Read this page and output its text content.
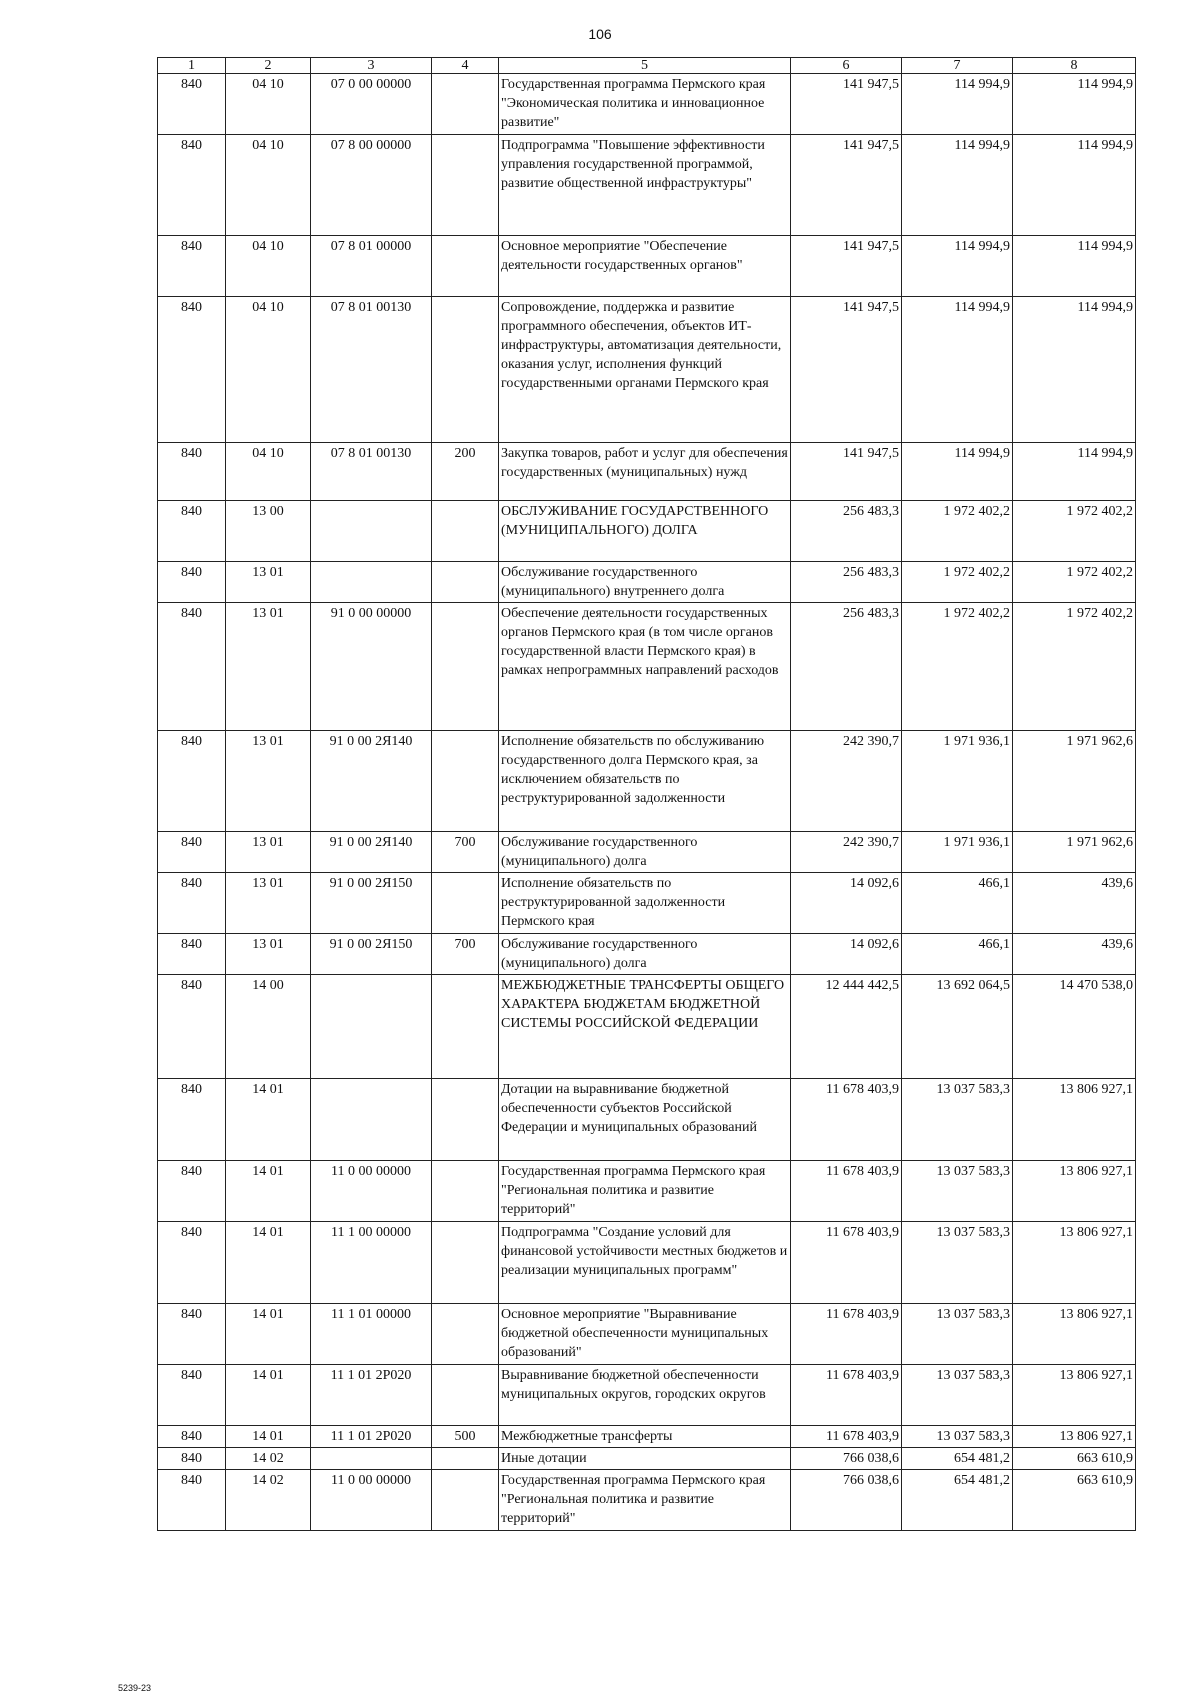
106
1	2	3	4	5	6	7	8
840	04 10	07 0 00 00000		Государственная программа Пермского края "Экономическая политика и инновационное развитие"	141 947,5	114 994,9	114 994,9
840	04 10	07 8 00 00000		Подпрограмма "Повышение эффективности управления государственной программой, развитие общественной инфраструктуры"	141 947,5	114 994,9	114 994,9
840	04 10	07 8 01 00000		Основное мероприятие "Обеспечение деятельности государственных органов"	141 947,5	114 994,9	114 994,9
840	04 10	07 8 01 00130		Сопровождение, поддержка и развитие программного обеспечения, объектов ИТ-инфраструктуры, автоматизация деятельности, оказания услуг, исполнения функций государственными органами Пермского края	141 947,5	114 994,9	114 994,9
840	04 10	07 8 01 00130	200	Закупка товаров, работ и услуг для обеспечения государственных (муниципальных) нужд	141 947,5	114 994,9	114 994,9
840	13 00			ОБСЛУЖИВАНИЕ ГОСУДАРСТВЕННОГО (МУНИЦИПАЛЬНОГО) ДОЛГА	256 483,3	1 972 402,2	1 972 402,2
840	13 01			Обслуживание государственного (муниципального) внутреннего долга	256 483,3	1 972 402,2	1 972 402,2
840	13 01	91 0 00 00000		Обеспечение деятельности государственных органов Пермского края (в том числе органов государственной власти Пермского края) в рамках непрограммных направлений расходов	256 483,3	1 972 402,2	1 972 402,2
840	13 01	91 0 00 2Я140		Исполнение обязательств по обслуживанию государственного долга Пермского края, за исключением обязательств по реструктурированной задолженности	242 390,7	1 971 936,1	1 971 962,6
840	13 01	91 0 00 2Я140	700	Обслуживание государственного (муниципального) долга	242 390,7	1 971 936,1	1 971 962,6
840	13 01	91 0 00 2Я150		Исполнение обязательств по реструктурированной задолженности Пермского края	14 092,6	466,1	439,6
840	13 01	91 0 00 2Я150	700	Обслуживание государственного (муниципального) долга	14 092,6	466,1	439,6
840	14 00			МЕЖБЮДЖЕТНЫЕ ТРАНСФЕРТЫ ОБЩЕГО ХАРАКТЕРА БЮДЖЕТАМ БЮДЖЕТНОЙ СИСТЕМЫ РОССИЙСКОЙ ФЕДЕРАЦИИ	12 444 442,5	13 692 064,5	14 470 538,0
840	14 01			Дотации на выравнивание бюджетной обеспеченности субъектов Российской Федерации и муниципальных образований	11 678 403,9	13 037 583,3	13 806 927,1
840	14 01	11 0 00 00000		Государственная программа Пермского края "Региональная политика и развитие территорий"	11 678 403,9	13 037 583,3	13 806 927,1
840	14 01	11 1 00 00000		Подпрограмма "Создание условий для финансовой устойчивости местных бюджетов и реализации муниципальных программ"	11 678 403,9	13 037 583,3	13 806 927,1
840	14 01	11 1 01 00000		Основное мероприятие "Выравнивание бюджетной обеспеченности муниципальных образований"	11 678 403,9	13 037 583,3	13 806 927,1
840	14 01	11 1 01 2Р020		Выравнивание бюджетной обеспеченности муниципальных округов, городских округов	11 678 403,9	13 037 583,3	13 806 927,1
840	14 01	11 1 01 2Р020	500	Межбюджетные трансферты	11 678 403,9	13 037 583,3	13 806 927,1
840	14 02			Иные дотации	766 038,6	654 481,2	663 610,9
840	14 02	11 0 00 00000		Государственная программа Пермского края "Региональная политика и развитие территорий"	766 038,6	654 481,2	663 610,9
5239-23
